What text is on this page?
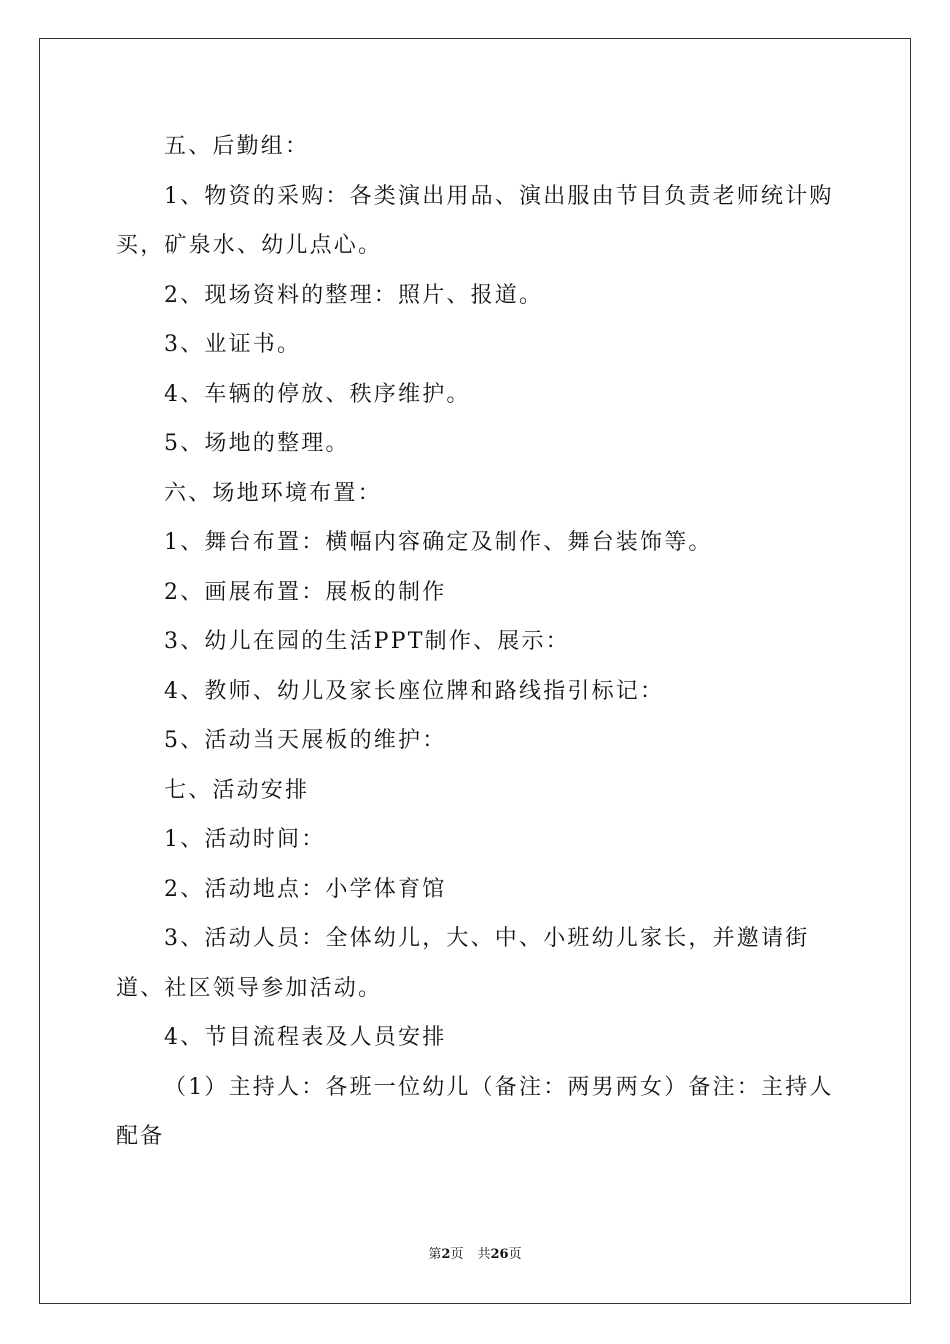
五、后勤组：

1、物资的采购：各类演出用品、演出服由节目负责老师统计购买，矿泉水、幼儿点心。

2、现场资料的整理：照片、报道。

3、业证书。

4、车辆的停放、秩序维护。

5、场地的整理。

六、场地环境布置：

1、舞台布置：横幅内容确定及制作、舞台装饰等。

2、画展布置：展板的制作

3、幼儿在园的生活PPT制作、展示：

4、教师、幼儿及家长座位牌和路线指引标记：

5、活动当天展板的维护：

七、活动安排

1、活动时间：

2、活动地点：小学体育馆

3、活动人员：全体幼儿，大、中、小班幼儿家长，并邀请街道、社区领导参加活动。

4、节目流程表及人员安排

（1）主持人：各班一位幼儿（备注：两男两女）备注：主持人配备

第2页 共26页
